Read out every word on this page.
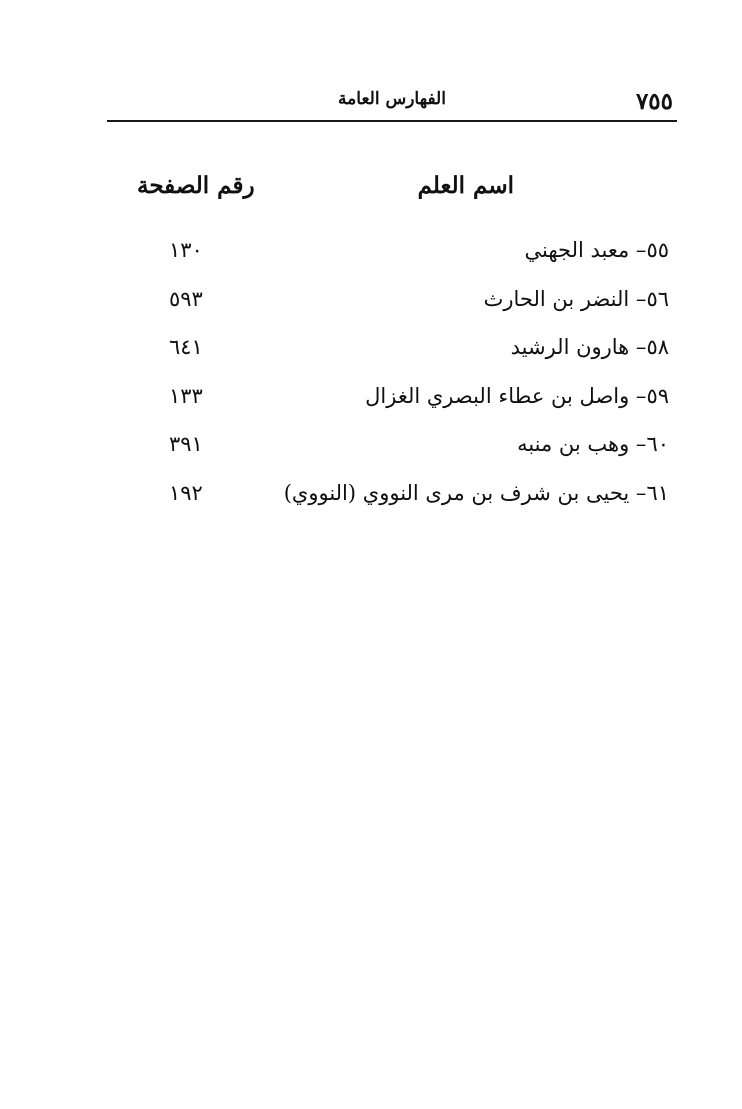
٧٥٥
الفهارس العامة
اسم العلم
رقم الصفحة
٥٥– معبد الجهني
١٣٠
٥٦– النضر بن الحارث
٥٩٣
٥٨– هارون الرشيد
٦٤١
٥٩– واصل بن عطاء البصري الغزال
١٣٣
٦٠– وهب بن منبه
٣٩١
٦١– يحيى بن شرف بن مرى النووي (النووي)
١٩٢
